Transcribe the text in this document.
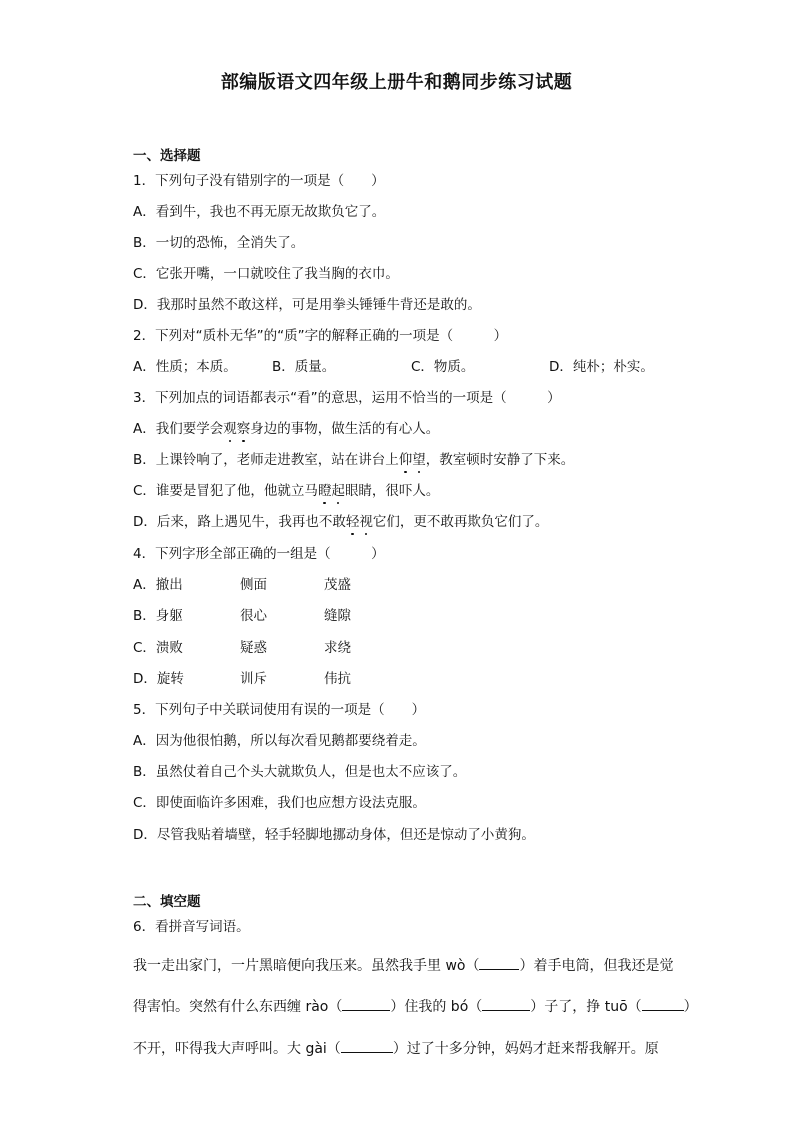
部编版语文四年级上册牛和鹅同步练习试题
一、选择题
1．下列句子没有错别字的一项是（　　）
A．看到牛，我也不再无原无故欺负它了。
B．一切的恐怖，全消失了。
C．它张开嘴，一口就咬住了我当胸的衣巾。
D．我那时虽然不敢这样，可是用拳头锤锤牛背还是敢的。
2．下列对“质朴无华”的“质”字的解释正确的一项是（　　　）
A．性质；本质。	B．质量。	C．物质。	D．纯朴；朴实。
3．下列加点的词语都表示“看”的意思，运用不恰当的一项是（　　　）
A．我们要学会观察身边的事物，做生活的有心人。
B．上课铃响了，老师走进教室，站在讲台上仰望，教室顿时安静了下来。
C．谁要是冒犯了他，他就立马瞪起眼睛，很吓人。
D．后来，路上遇见牛，我再也不敢轻视它们，更不敢再欺负它们了。
4．下列字形全部正确的一组是（　　　）
A．撤出	侧面	茂盛
B．身躯	很心	缝隙
C．溃败	疑惑	求绕
D．旋转	训斥	伟抗
5．下列句子中关联词使用有误的一项是（　　）
A．因为他很怕鹅，所以每次看见鹅都要绕着走。
B．虽然仗着自己个头大就欺负人，但是也太不应该了。
C．即使面临许多困难，我们也应想方设法克服。
D．尽管我贴着墙壁，轻手轻脚地挪动身体，但还是惊动了小黄狗。
二、填空题
6．看拼音写词语。
我一走出家门，一片黑暗便向我压来。虽然我手里 wò（	）着手电筒，但我还是觉
得害怕。突然有什么东西缠 rào（	）住我的 bó（	）子了，挣 tuō（	）
不开，吓得我大声呼叫。大 gài（	）过了十多分钟，妈妈才赶来帮我解开。原
